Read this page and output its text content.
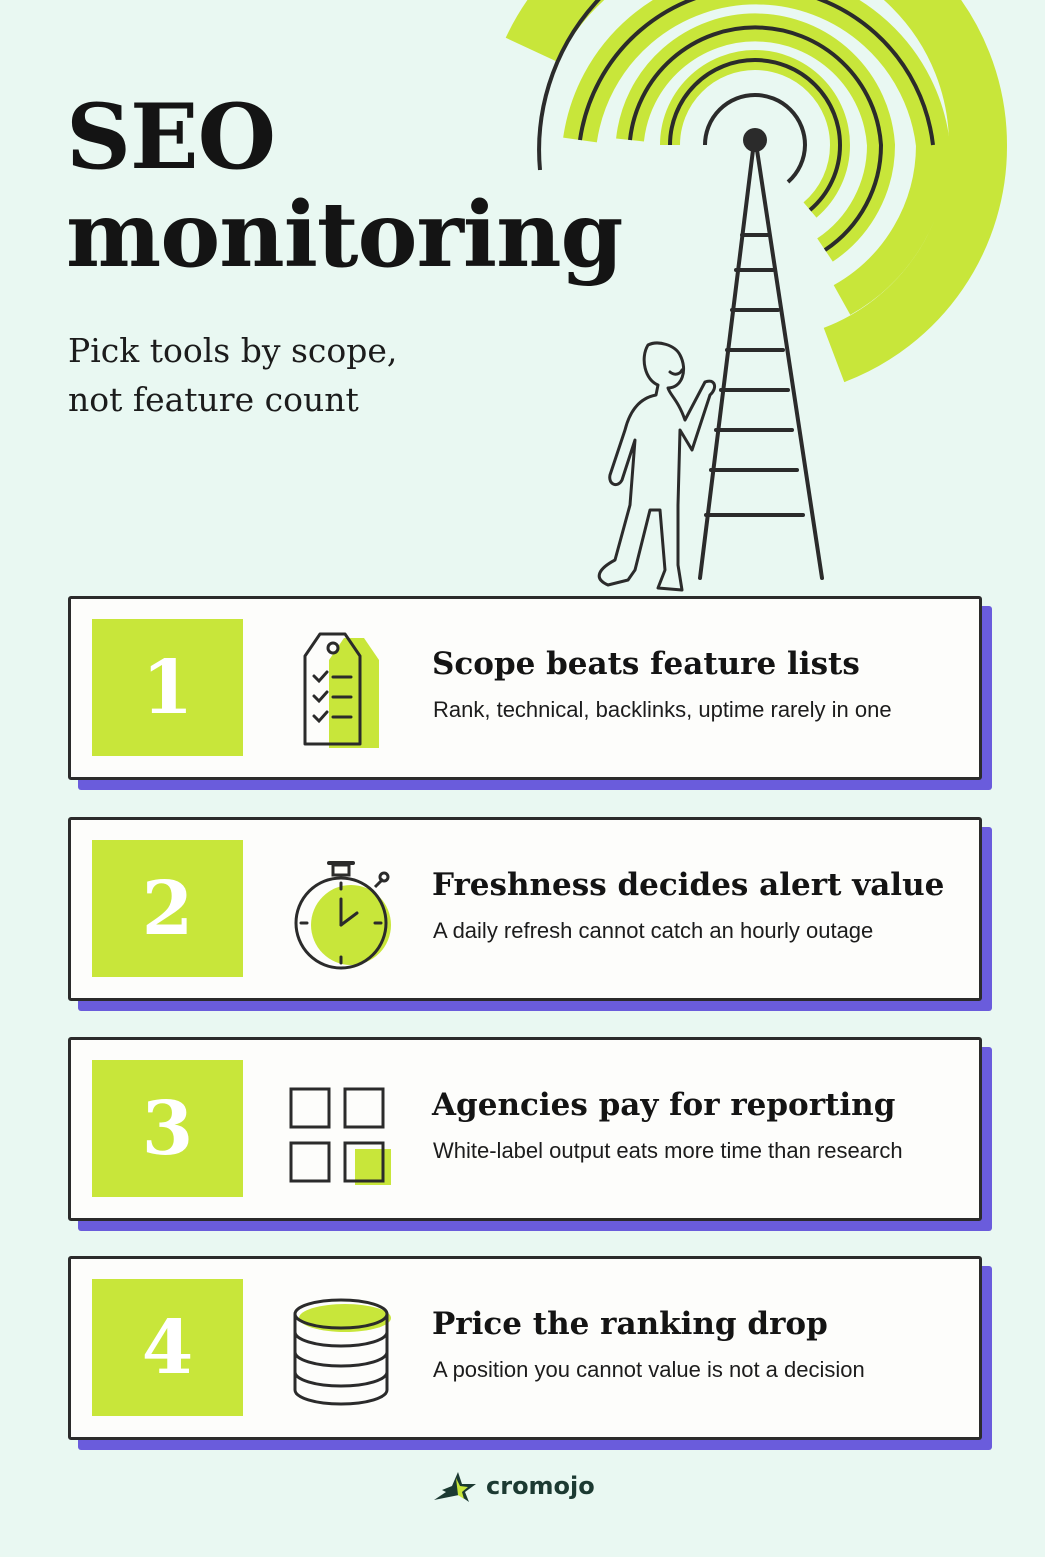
SEO
monitoring

Pick tools by scope,
not feature count

1	Scope beats feature lists

Rank, technical, backlinks, uptime rarely in one

2	Freshness decides alert value

A daily refresh cannot catch an hourly outage

3	Agencies pay for reporting

White-label output eats more time than research

4	Price the ranking drop

A position you cannot value is not a decision

cromojo
